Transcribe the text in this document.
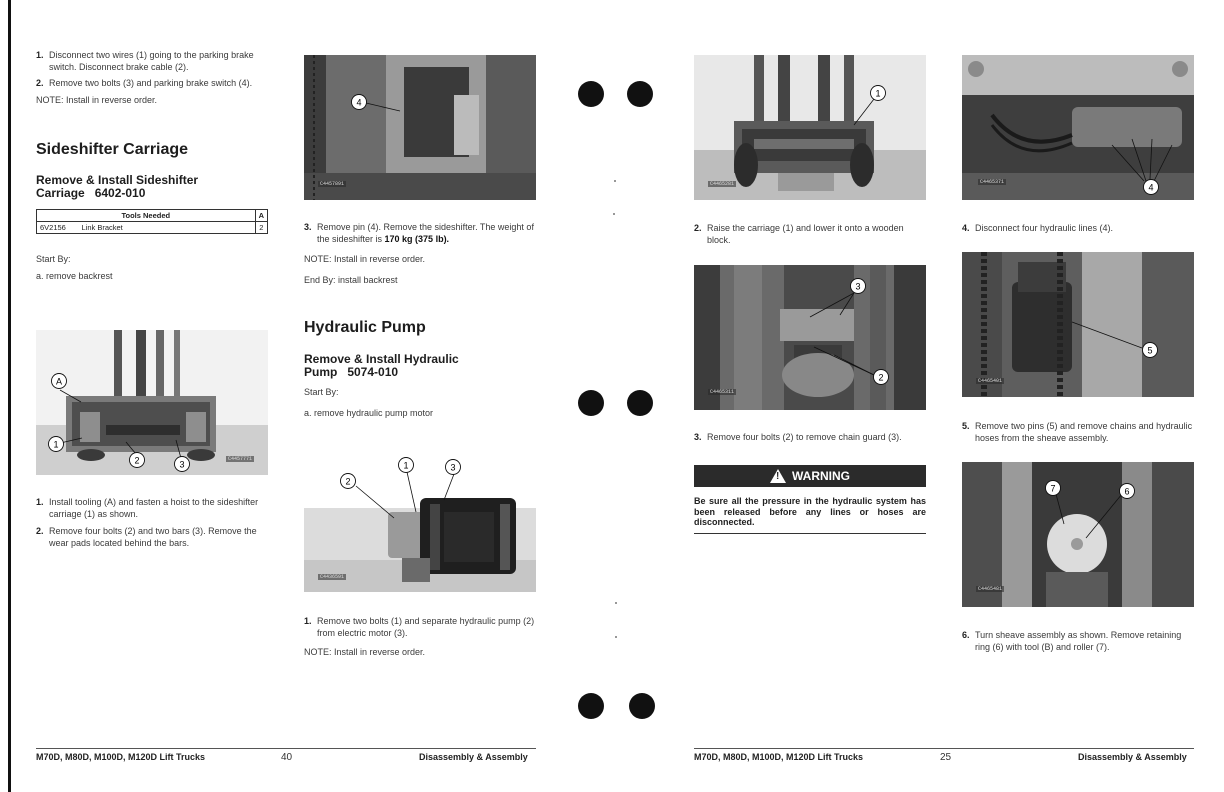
1. Disconnect two wires (1) going to the parking brake switch. Disconnect brake cable (2).

2. Remove two bolts (3) and parking brake switch (4).

NOTE: Install in reverse order.

Sideshifter Carriage
Remove & Install Sideshifter
Carriage   6402-010
Tools Needed		A
6V2156	Link Bracket	2

Start By:

a. remove backrest

A
1
2	3
C4457771

1. Install tooling (A) and fasten a hoist to the sideshifter carriage (1) as shown.

2. Remove four bolts (2) and two bars (3). Remove the wear pads located behind the bars.

4
C4457891

3. Remove pin (4). Remove the sideshifter. The weight of the sideshifter is 170 kg (375 lb).

NOTE: Install in reverse order.

End By: install backrest

Hydraulic Pump
Remove & Install Hydraulic
Pump   5074-010

Start By:

a. remove hydraulic pump motor

1
2
3
C4436591

1. Remove two bolts (1) and separate hydraulic pump (2) from electric motor (3).

NOTE: Install in reverse order.

M70D, M80D, M100D, M120D Lift Trucks	40	Disassembly & Assembly
1
C4465281

2. Raise the carriage (1) and lower it onto a wooden block.

3
2
C4465311

3. Remove four bolts (2) to remove chain guard (3).

!
WARNING
Be sure all the pressure in the hydraulic system has been released before any lines or hoses are disconnected.
4
C4465371

4. Disconnect four hydraulic lines (4).

5
C4465401

5. Remove two pins (5) and remove chains and hydraulic hoses from the sheave assembly.

7	6
C4465481

6. Turn sheave assembly as shown. Remove retaining ring (6) with tool (B) and roller (7).

M70D, M80D, M100D, M120D Lift Trucks	25	Disassembly & Assembly
